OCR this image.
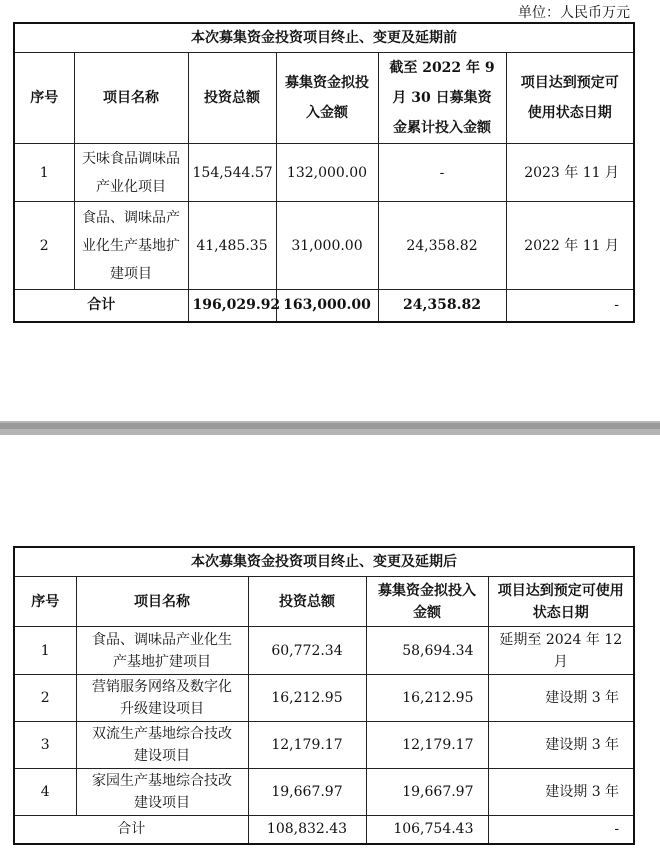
单位：人民币万元
本次募集资金投资项目终止、变更及延期前					
序号	项目名称	投资总额	募集资金拟投入金额	截至 2022 年 9 月 30 日募集资金累计投入金额	项目达到预定可使用状态日期
1	天味食品调味品产业化项目	154,544.57	132,000.00	-	2023 年 11 月
2	食品、调味品产业化生产基地扩建项目	41,485.35	31,000.00	24,358.82	2022 年 11 月
合计		196,029.92	163,000.00	24,358.82	-
本次募集资金投资项目终止、变更及延期后				
序号	项目名称	投资总额	募集资金拟投入金额	项目达到预定可使用状态日期
1	食品、调味品产业化生产基地扩建项目	60,772.34	58,694.34	延期至 2024 年 12 月
2	营销服务网络及数字化升级建设项目	16,212.95	16,212.95	建设期 3 年
3	双流生产基地综合技改建设项目	12,179.17	12,179.17	建设期 3 年
4	家园生产基地综合技改建设项目	19,667.97	19,667.97	建设期 3 年
合计		108,832.43	106,754.43	-
